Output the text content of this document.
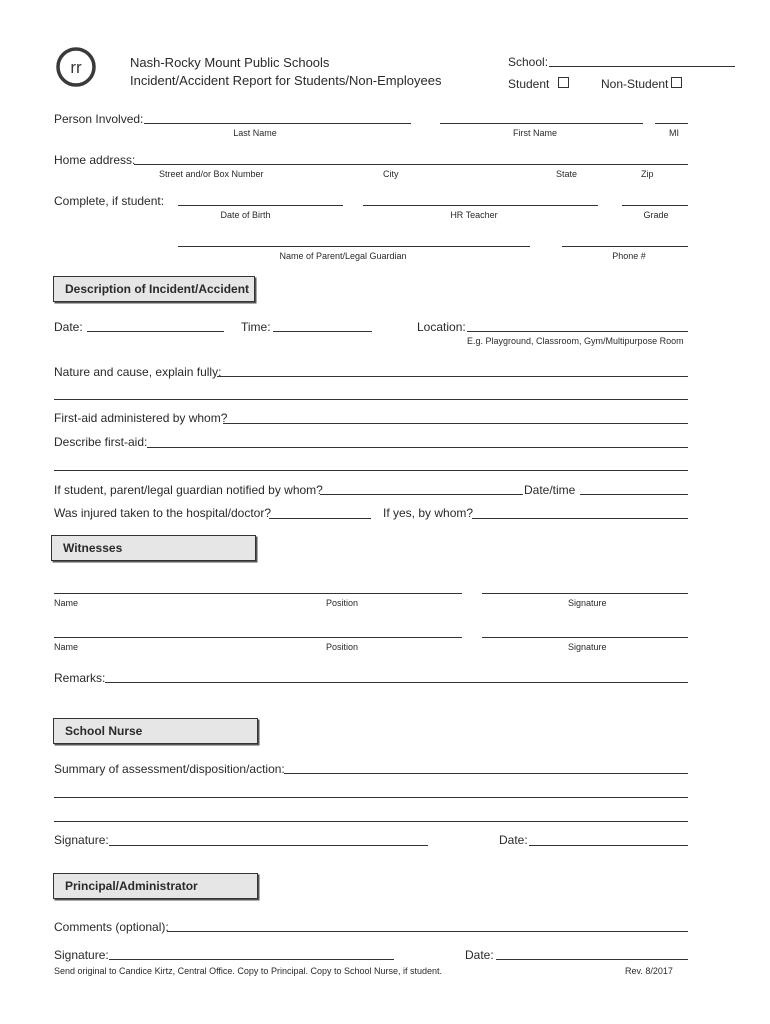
rr	Nash-Rocky Mount Public Schools
Incident/Accident Report for Students/Non-Employees
School:
Student	Non-Student
Person Involved:
Last Name	First Name	MI
Home address:
Street and/or Box Number	City	State	Zip
Complete, if student:
Date of Birth	HR Teacher	Grade
Name of Parent/Legal Guardian	Phone #
Description of Incident/Accident
Date:	Time:	Location:
E.g. Playground, Classroom, Gym/Multipurpose Room
Nature and cause, explain fully:
First-aid administered by whom?
Describe first-aid:
If student, parent/legal guardian notified by whom?	Date/time
Was injured taken to the hospital/doctor?	If yes, by whom?
Witnesses
Name	Position	Signature
Name	Position	Signature
Remarks:
School Nurse
Summary of assessment/disposition/action:
Signature:	Date:
Principal/Administrator
Comments (optional):
Signature:	Date:
Send original to Candice Kirtz, Central Office. Copy to Principal. Copy to School Nurse, if student.	Rev. 8/2017
